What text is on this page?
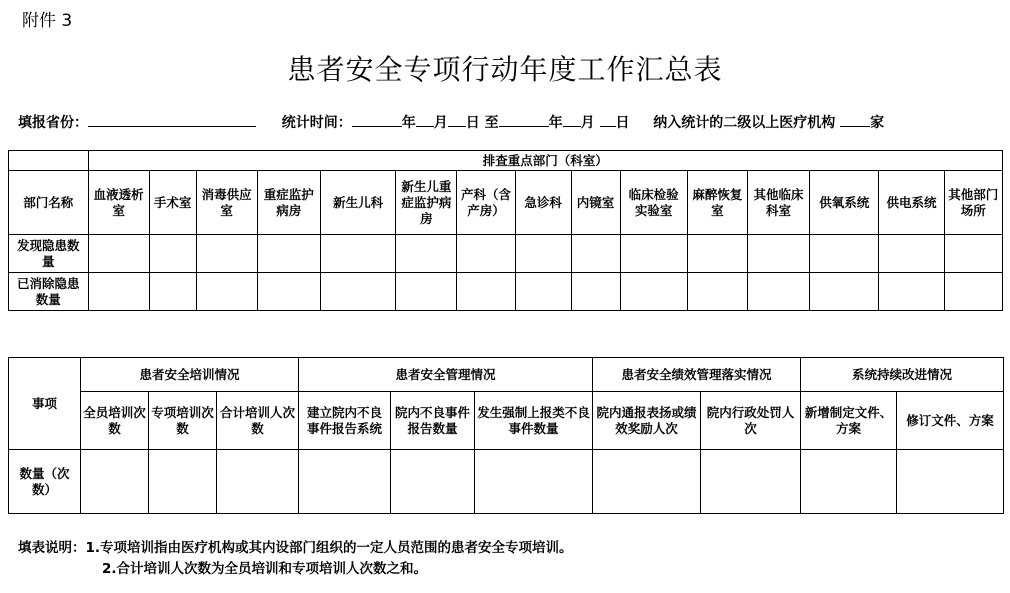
附件 3
患者安全专项行动年度工作汇总表
填报省份：	统计时间：	年 月 日 至	年 月 日 纳入统计的二级以上医疗机构 家
	排查重点部门（科室）														
部门名称	血液透析室	手术室	消毒供应室	重症监护病房	新生儿科	新生儿重症监护病房	产科（含产房）	急诊科	内镜室	临床检验实验室	麻醉恢复室	其他临床科室	供氧系统	供电系统	其他部门场所
发现隐患数量															
已消除隐患数量															
事项	患者安全培训情况			患者安全管理情况			患者安全绩效管理落实情况		系统持续改进情况	
	全员培训次数	专项培训次数	合计培训人次数	建立院内不良事件报告系统	院内不良事件报告数量	发生强制上报类不良事件数量	院内通报表扬或绩效奖励人次	院内行政处罚人次	新增制定文件、方案	修订文件、方案
数量（次数）										
填表说明：1.专项培训指由医疗机构或其内设部门组织的一定人员范围的患者安全专项培训。
2.合计培训人次数为全员培训和专项培训人次数之和。
